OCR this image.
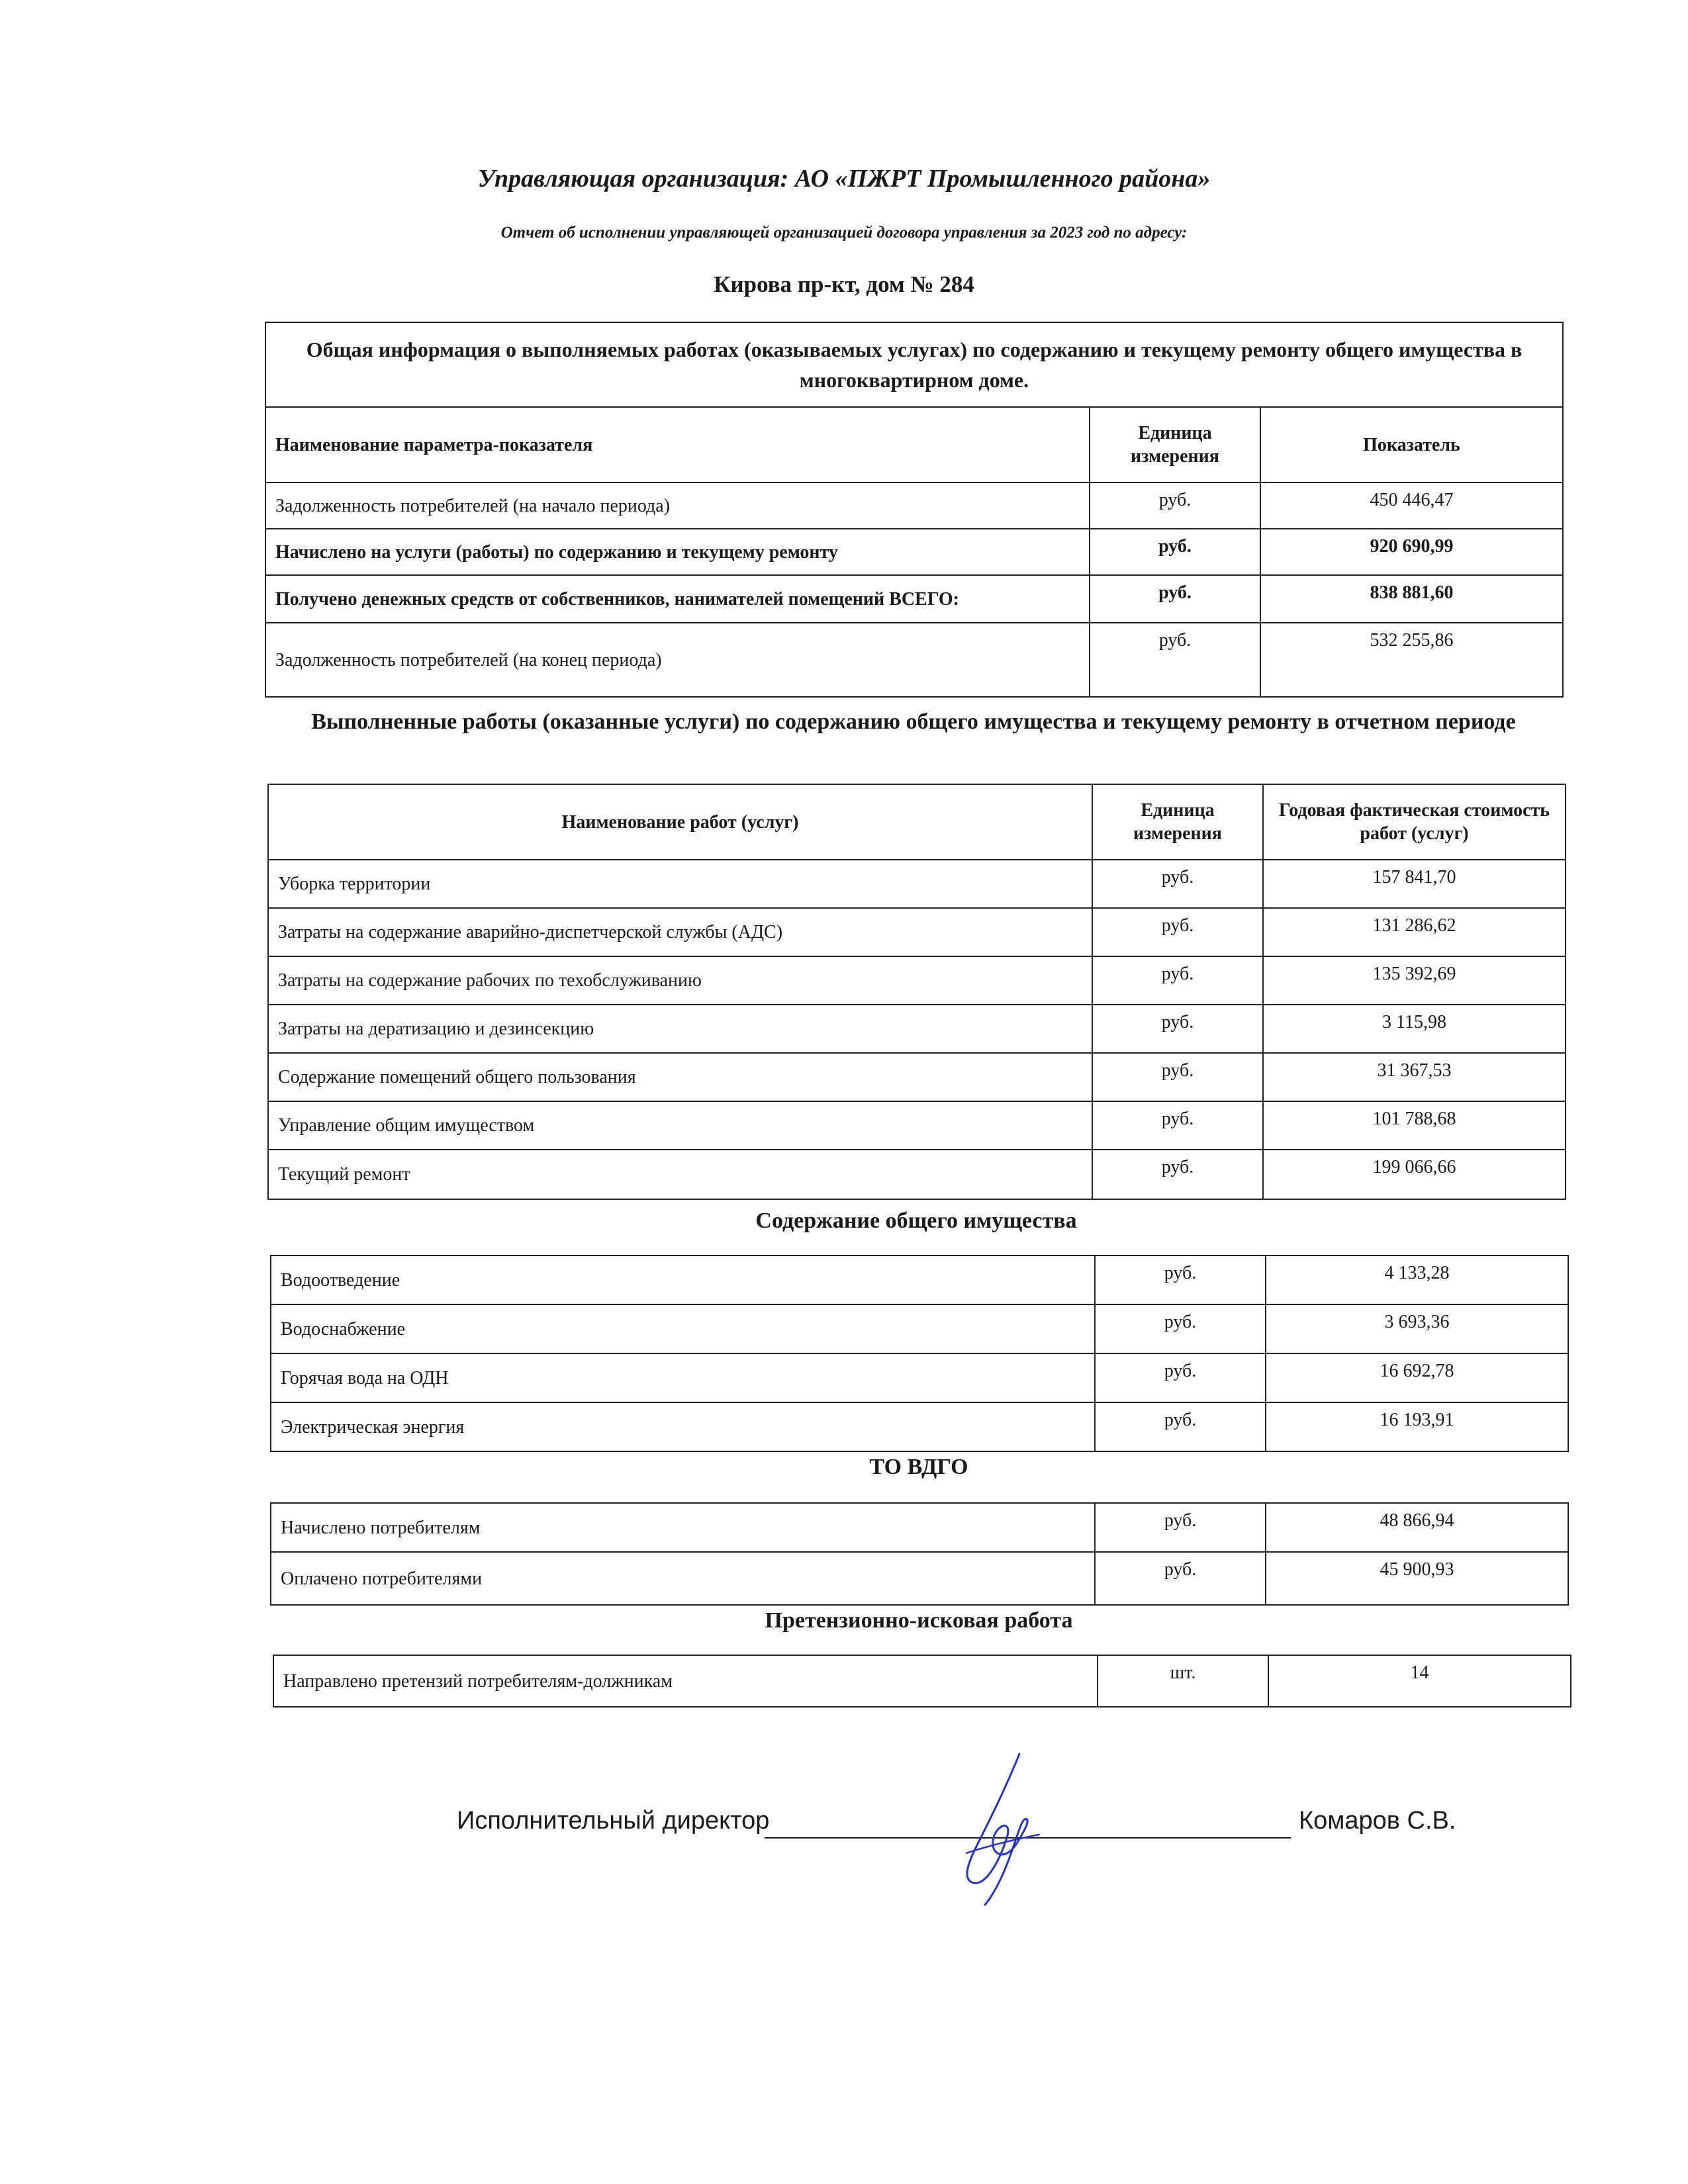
Управляющая организация: АО «ПЖРТ Промышленного района»
Отчет об исполнении управляющей организацией договора управления за 2023 год по адресу:
Кирова пр-кт, дом № 284
Общая информация о выполняемых работах (оказываемых услугах) по содержанию и текущему ремонту общего имущества в многоквартирном доме.		
Наименование параметра-показателя	Единица измерения	Показатель
Задолженность потребителей (на начало периода)	руб.	450 446,47
Начислено на услуги (работы) по содержанию и текущему ремонту	руб.	920 690,99
Получено денежных средств от собственников, нанимателей помещений ВСЕГО:	руб.	838 881,60
Задолженность потребителей (на конец периода)	руб.	532 255,86
Выполненные работы (оказанные услуги) по содержанию общего имущества и текущему ремонту в отчетном периоде
Наименование работ (услуг)	Единица измерения	Годовая фактическая стоимость работ (услуг)
Уборка территории	руб.	157 841,70
Затраты на содержание аварийно-диспетчерской службы (АДС)	руб.	131 286,62
Затраты на содержание рабочих по техобслуживанию	руб.	135 392,69
Затраты на дератизацию и дезинсекцию	руб.	3 115,98
Содержание помещений общего пользования	руб.	31 367,53
Управление общим имуществом	руб.	101 788,68
Текущий ремонт	руб.	199 066,66
Содержание общего имущества
Водоотведение	руб.	4 133,28
Водоснабжение	руб.	3 693,36
Горячая вода на ОДН	руб.	16 692,78
Электрическая энергия	руб.	16 193,91
ТО ВДГО
Начислено потребителям	руб.	48 866,94
Оплачено потребителями	руб.	45 900,93
Претензионно-исковая работа
Направлено претензий потребителям-должникам	шт.	14
Исполнительный директор	Комаров С.В.
